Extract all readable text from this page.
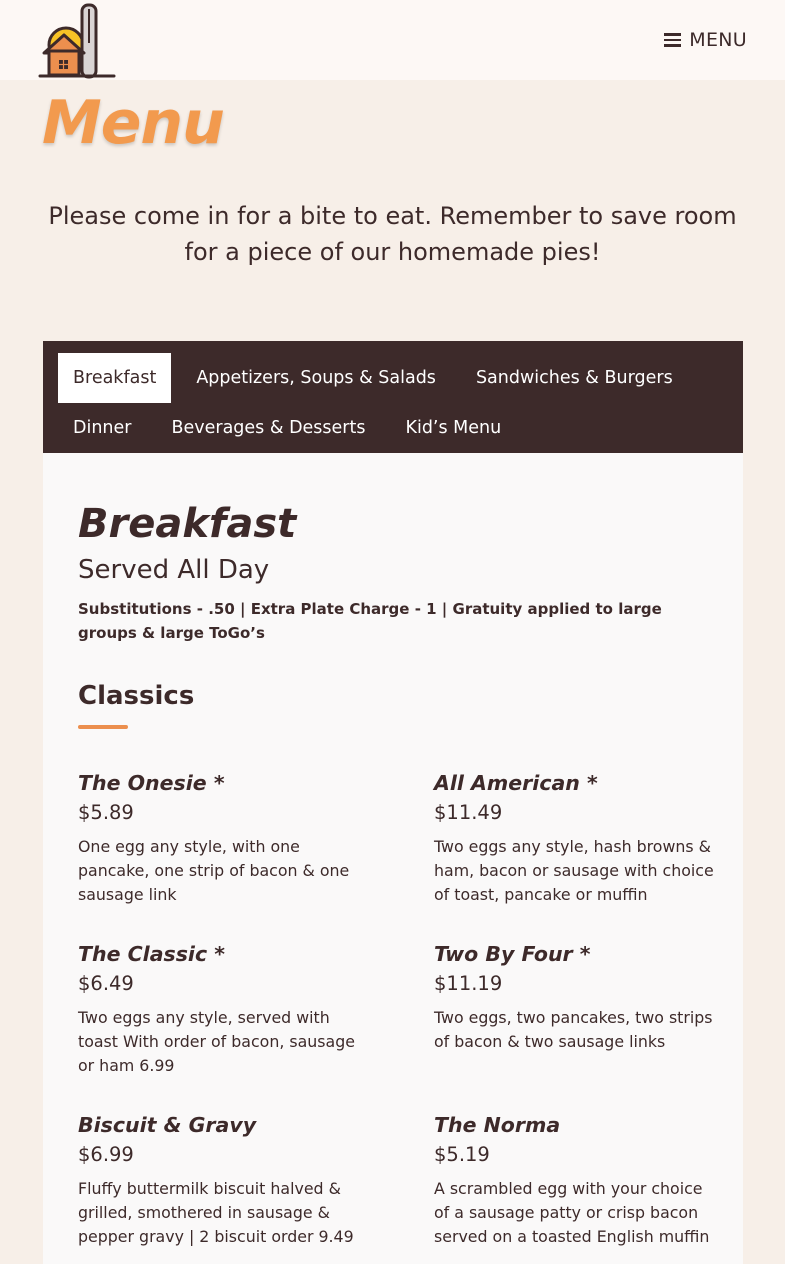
MENU
Menu

Please come in for a bite to eat. Remember to save room for a piece of our homemade pies!

Breakfast	Appetizers, Soups & Salads	Sandwiches & Burgers
Dinner	Beverages & Desserts	Kid’s Menu
Breakfast
Served All Day
Substitutions - .50 | Extra Plate Charge - 1 | Gratuity applied to large groups & large ToGo’s
Classics
The Onesie *
$5.89
One egg any style, with one pancake, one strip of bacon & one sausage link
All American *
$11.49
Two eggs any style, hash browns & ham, bacon or sausage with choice of toast, pancake or muffin
The Classic *
$6.49
Two eggs any style, served with toast With order of bacon, sausage or ham 6.99
Two By Four *
$11.19
Two eggs, two pancakes, two strips of bacon & two sausage links
Biscuit & Gravy
$6.99
Fluffy buttermilk biscuit halved & grilled, smothered in sausage & pepper gravy | 2 biscuit order 9.49
The Norma
$5.19
A scrambled egg with your choice of a sausage patty or crisp bacon served on a toasted English muffin
